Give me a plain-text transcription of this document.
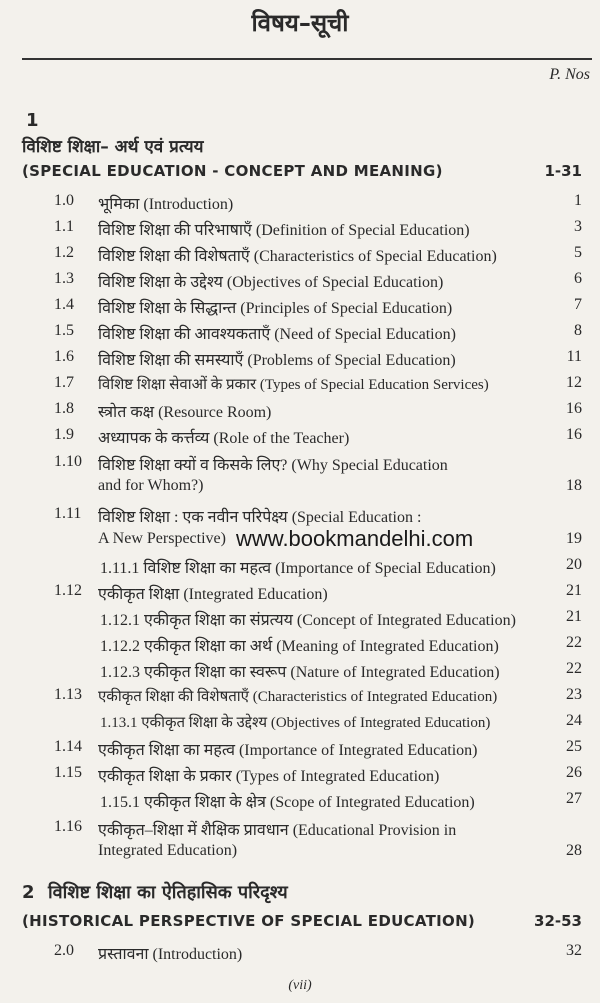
विषय–सूची
P. Nos
1
विशिष्ट शिक्षा– अर्थ एवं प्रत्यय
(SPECIAL EDUCATION - CONCEPT AND MEANING)	1-31
1.0 भूमिका (Introduction)	1
1.1 विशिष्ट शिक्षा की परिभाषाएँ (Definition of Special Education)	3
1.2 विशिष्ट शिक्षा की विशेषताएँ (Characteristics of Special Education)	5
1.3 विशिष्ट शिक्षा के उद्देश्य (Objectives of Special Education)	6
1.4 विशिष्ट शिक्षा के सिद्धान्त (Principles of Special Education)	7
1.5 विशिष्ट शिक्षा की आवश्यकताएँ (Need of Special Education)	8
1.6 विशिष्ट शिक्षा की समस्याएँ (Problems of Special Education)	11
1.7 विशिष्ट शिक्षा सेवाओं के प्रकार (Types of Special Education Services)	12
1.8 स्त्रोत कक्ष (Resource Room)	16
1.9 अध्यापक के कर्त्तव्य (Role of the Teacher)	16
1.10 विशिष्ट शिक्षा क्यों व किसके लिए? (Why Special Education
and for Whom?)	18
1.11 विशिष्ट शिक्षा : एक नवीन परिपेक्ष्य (Special Education :
A New Perspective)	19
1.11.1 विशिष्ट शिक्षा का महत्व (Importance of Special Education)	20
1.12 एकीकृत शिक्षा (Integrated Education)	21
1.12.1 एकीकृत शिक्षा का संप्रत्यय (Concept of Integrated Education)	21
1.12.2 एकीकृत शिक्षा का अर्थ (Meaning of Integrated Education)	22
1.12.3 एकीकृत शिक्षा का स्वरूप (Nature of Integrated Education)	22
1.13 एकीकृत शिक्षा की विशेषताएँ (Characteristics of Integrated Education)	23
1.13.1 एकीकृत शिक्षा के उद्देश्य (Objectives of Integrated Education)	24
1.14 एकीकृत शिक्षा का महत्व (Importance of Integrated Education)	25
1.15 एकीकृत शिक्षा के प्रकार (Types of Integrated Education)	26
1.15.1 एकीकृत शिक्षा के क्षेत्र (Scope of Integrated Education)	27
1.16 एकीकृत–शिक्षा में शैक्षिक प्रावधान (Educational Provision in
Integrated Education)	28
www.bookmandelhi.com
2 विशिष्ट शिक्षा का ऐतिहासिक परिदृश्य
(HISTORICAL PERSPECTIVE OF SPECIAL EDUCATION)	32-53
2.0 प्रस्तावना (Introduction)	32
(vii)
